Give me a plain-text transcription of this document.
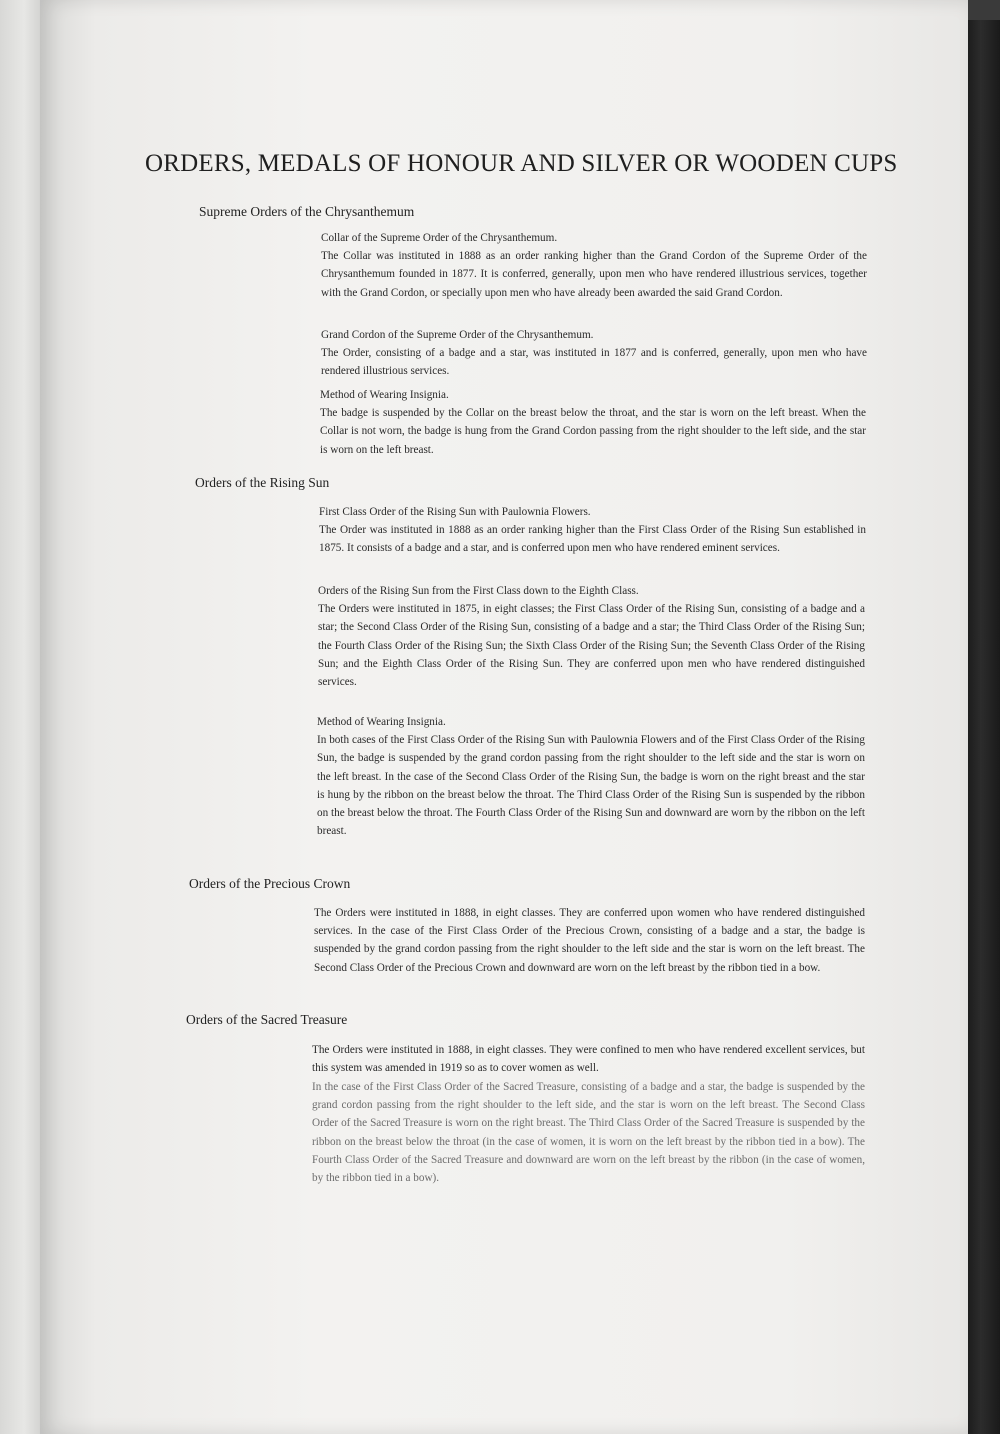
ORDERS, MEDALS OF HONOUR AND SILVER OR WOODEN CUPS
Supreme Orders of the Chrysanthemum
Collar of the Supreme Order of the Chrysanthemum.
The Collar was instituted in 1888 as an order ranking higher than the Grand Cordon of the Supreme Order of the Chrysanthemum founded in 1877. It is conferred, generally, upon men who have rendered illustrious services, together with the Grand Cordon, or specially upon men who have already been awarded the said Grand Cordon.
Grand Cordon of the Supreme Order of the Chrysanthemum.
The Order, consisting of a badge and a star, was instituted in 1877 and is conferred, generally, upon men who have rendered illustrious services.
Method of Wearing Insignia.
The badge is suspended by the Collar on the breast below the throat, and the star is worn on the left breast. When the Collar is not worn, the badge is hung from the Grand Cordon passing from the right shoulder to the left side, and the star is worn on the left breast.
Orders of the Rising Sun
First Class Order of the Rising Sun with Paulownia Flowers.
The Order was instituted in 1888 as an order ranking higher than the First Class Order of the Rising Sun established in 1875. It consists of a badge and a star, and is conferred upon men who have rendered eminent services.
Orders of the Rising Sun from the First Class down to the Eighth Class.
The Orders were instituted in 1875, in eight classes; the First Class Order of the Rising Sun, consisting of a badge and a star; the Second Class Order of the Rising Sun, consisting of a badge and a star; the Third Class Order of the Rising Sun; the Fourth Class Order of the Rising Sun; the Sixth Class Order of the Rising Sun; the Seventh Class Order of the Rising Sun; and the Eighth Class Order of the Rising Sun. They are conferred upon men who have rendered distinguished services.
Method of Wearing Insignia.
In both cases of the First Class Order of the Rising Sun with Paulownia Flowers and of the First Class Order of the Rising Sun, the badge is suspended by the grand cordon passing from the right shoulder to the left side and the star is worn on the left breast. In the case of the Second Class Order of the Rising Sun, the badge is worn on the right breast and the star is hung by the ribbon on the breast below the throat. The Third Class Order of the Rising Sun is suspended by the ribbon on the breast below the throat. The Fourth Class Order of the Rising Sun and downward are worn by the ribbon on the left breast.
Orders of the Precious Crown
The Orders were instituted in 1888, in eight classes. They are conferred upon women who have rendered distinguished services. In the case of the First Class Order of the Precious Crown, consisting of a badge and a star, the badge is suspended by the grand cordon passing from the right shoulder to the left side and the star is worn on the left breast. The Second Class Order of the Precious Crown and downward are worn on the left breast by the ribbon tied in a bow.
Orders of the Sacred Treasure
The Orders were instituted in 1888, in eight classes. They were confined to men who have rendered excellent services, but this system was amended in 1919 so as to cover women as well.
In the case of the First Class Order of the Sacred Treasure, consisting of a badge and a star, the badge is suspended by the grand cordon passing from the right shoulder to the left side, and the star is worn on the left breast. The Second Class Order of the Sacred Treasure is worn on the right breast. The Third Class Order of the Sacred Treasure is suspended by the ribbon on the breast below the throat (in the case of women, it is worn on the left breast by the ribbon tied in a bow). The Fourth Class Order of the Sacred Treasure and downward are worn on the left breast by the ribbon (in the case of women, by the ribbon tied in a bow).
